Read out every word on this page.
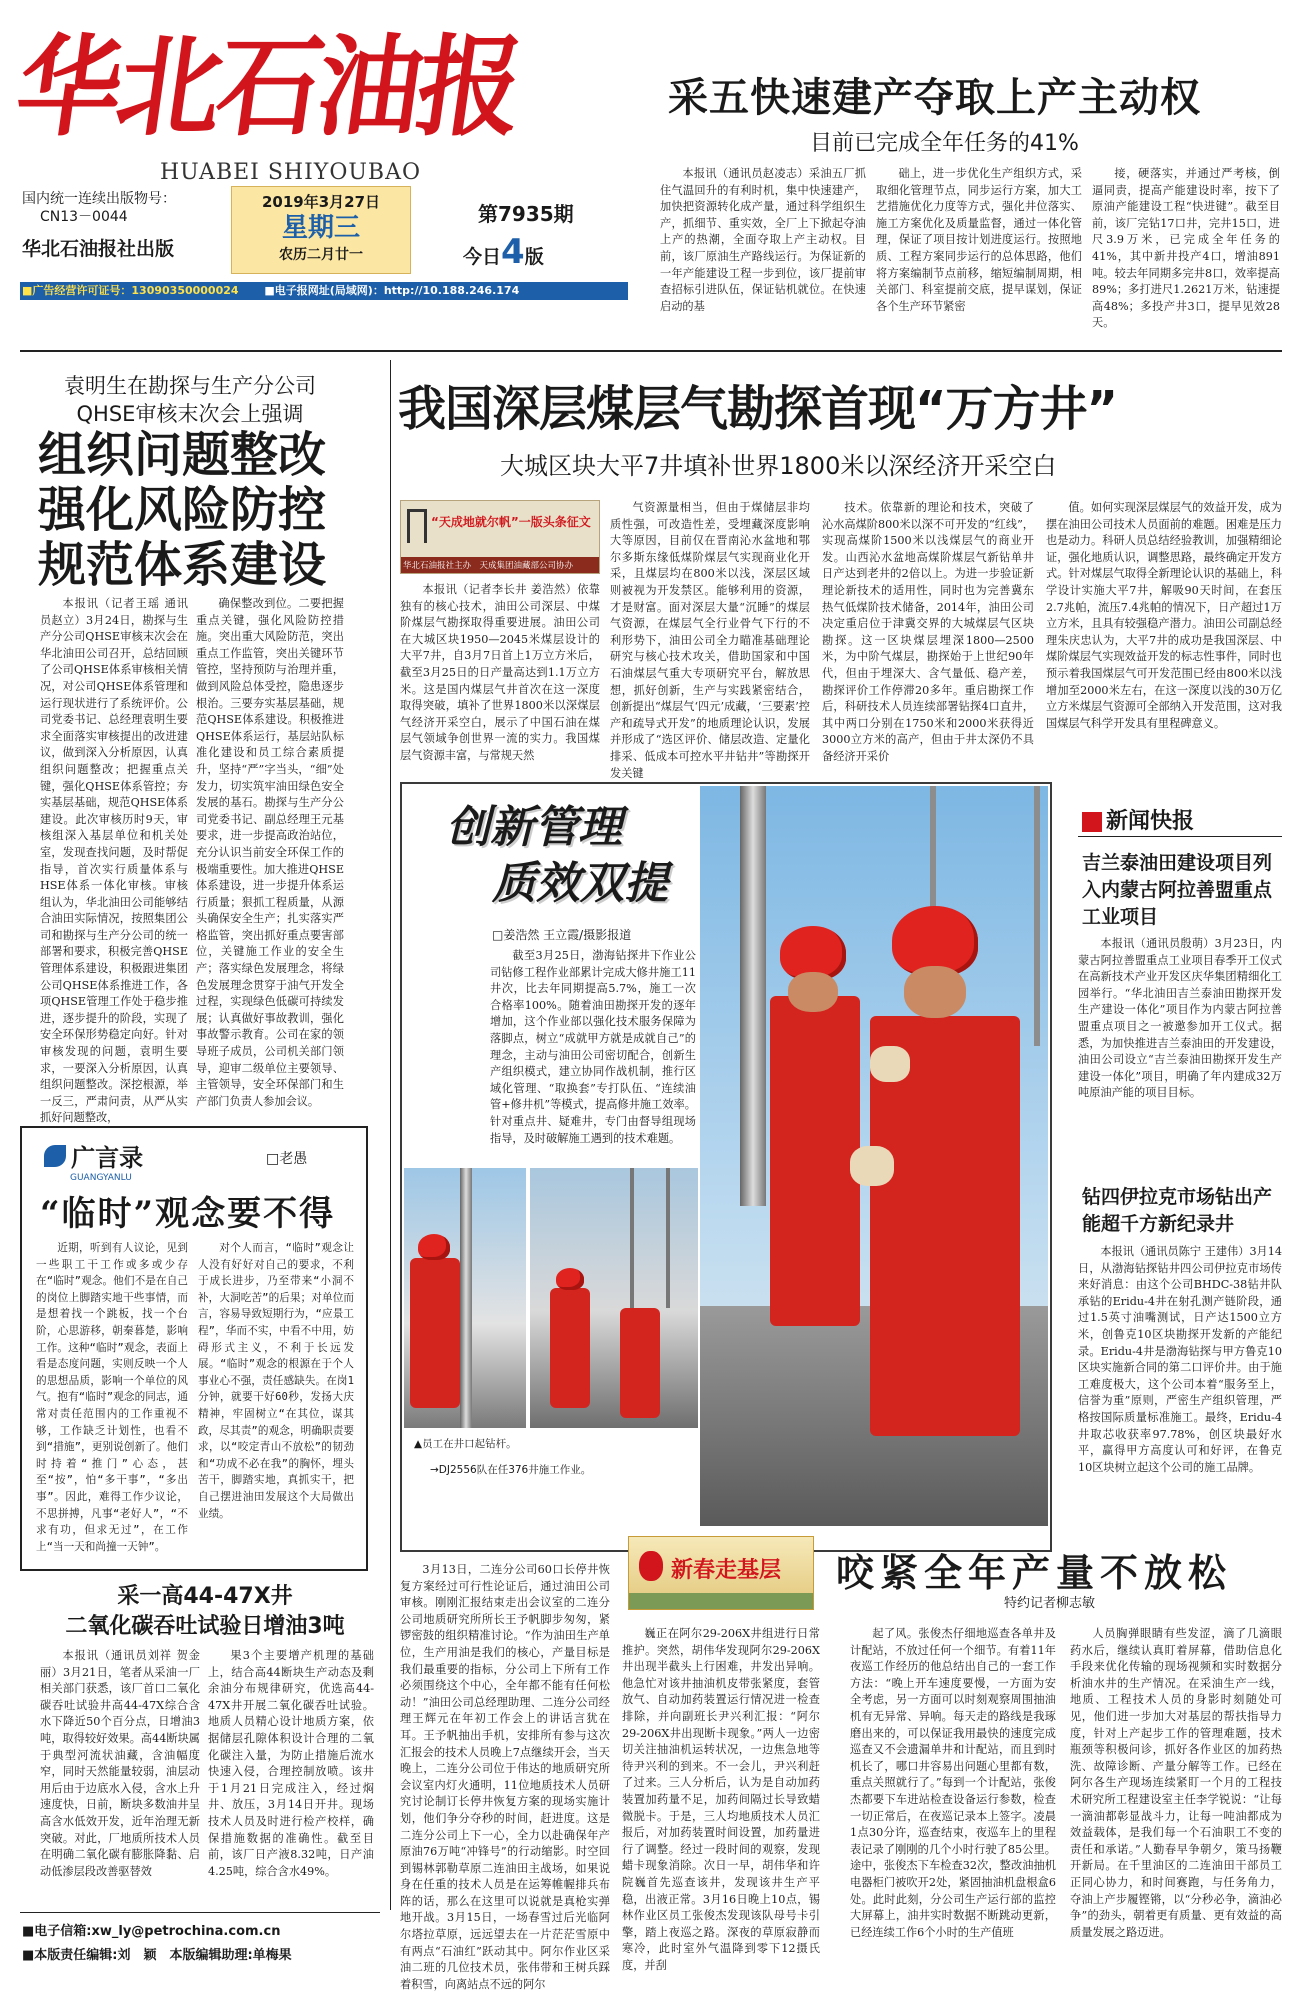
华北石油报
HUABEI SHIYOUBAO
国内统一连续出版物号：
CN13－0044
华北石油报社出版
2019年3月27日
星期三
农历二月廿一
第7935期
今日4版
■广告经营许可证号：13090350000024 ■电子报网址(局域网)：http://10.188.246.174
采五快速建产夺取上产主动权
目前已完成全年任务的41%
本报讯（通讯员赵凌志）采油五厂抓住气温回升的有利时机，集中快速建产，加快把资源转化成产量，通过科学组织生产，抓细节、重实效，全厂上下掀起夺油上产的热潮，全面夺取上产主动权。目前，该厂原油生产路线运行。为保证新的一年产能建设工程一步到位，该厂提前审查招标引进队伍，保证钻机就位。在快速启动的基
础上，进一步优化生产组织方式，采取细化管理节点，同步运行方案，加大工艺措施优化力度等方式，强化井位落实、施工方案优化及质量监督，通过一体化管理，保证了项目按计划进度运行。按照地质、工程方案同步运行的总体思路，他们将方案编制节点前移，缩短编制周期，相关部门、科室提前交底，提早谋划，保证各个生产环节紧密
接，硬落实，并通过严考核，倒逼同责，提高产能建设时率，按下了原油产能建设工程“快进键”。截至目前，该厂完钻17口井，完井15口，进尺3.9万米，已完成全年任务的41%，其中新井投产4口，增油891吨。较去年同期多完井8口，效率提高89%；多打进尺1.2621万米，钻速提高48%；多投产井3口，提早见效28天。
袁明生在勘探与生产分公司
QHSE审核末次会上强调
组织问题整改
强化风险防控
规范体系建设
本报讯（记者王瑶 通讯员赵立）3月24日，勘探与生产分公司QHSE审核末次会在华北油田公司召开，总结回顾了公司QHSE体系审核相关情况，对公司QHSE体系管理和运行现状进行了系统评价。公司党委书记、总经理袁明生要求全面落实审核提出的改进建议，做到深入分析原因，认真组织问题整改；把握重点关键，强化QHSE体系管控；夯实基层基础，规范QHSE体系建设。此次审核历时9天，审核组深入基层单位和机关处室，发现查找问题，及时帮促指导，首次实行质量体系与HSE体系一体化审核。审核组认为，华北油田公司能够结合油田实际情况，按照集团公司和勘探与生产分公司的统一部署和要求，积极完善QHSE管理体系建设，积极跟进集团公司QHSE体系推进工作，各项QHSE管理工作处于稳步推进，逐步提升的阶段，实现了安全环保形势稳定向好。针对审核发现的问题，袁明生要求，一要深入分析原因，认真组织问题整改。深挖根源，举一反三，严肃问责，从严从实抓好问题整改，
确保整改到位。二要把握重点关键，强化风险防控措施。突出重大风险防范，突出重点工作监管，突出关键环节管控，坚持预防与治理并重，做到风险总体受控，隐患逐步根治。三要夯实基层基础，规范QHSE体系建设。积极推进QHSE体系运行，基层站队标准化建设和员工综合素质提升，坚持“严”字当头，“细”处发力，切实筑牢油田绿色安全发展的基石。勘探与生产分公司党委书记、副总经理王元基要求，进一步提高政治站位，充分认识当前安全环保工作的极端重要性。加大推进QHSE体系建设，进一步提升体系运行质量；狠抓工程质量，从源头确保安全生产；扎实落实严格监管，突出抓好重点要害部位，关键施工作业的安全生产；落实绿色发展理念，将绿色发展理念贯穿于油气开发全过程，实现绿色低碳可持续发展；认真做好事故教训，强化事故警示教育。公司在家的领导班子成员，公司机关部门领导，迎审二级单位主要领导、主管领导，安全环保部门和生产部门负责人参加会议。
广言录
GUANGYANLU
□老愚
“临时”观念要不得
近期，听到有人议论，见到一些职工干工作或多或少存在“临时”观念。他们不是在自己的岗位上脚踏实地干些事情，而是想着找一个跳板，找一个台阶，心思游移，朝秦暮楚，影响工作。这种“临时”观念，表面上看是态度问题，实则反映一个人的思想品质，影响一个单位的风气。抱有“临时”观念的同志，通常对责任范围内的工作重视不够，工作缺乏计划性，也看不到“措施”，更别说创新了。他们时持着“推门”心态，甚至“按”，怕“多干事”，“多出事”。因此，难得工作少议论，不思拼搏，凡事“老好人”，“不求有功，但求无过”，在工作上“当一天和尚撞一天钟”。
对个人而言，“临时”观念让人没有好好对自己的要求，不利于成长进步，乃至带来“小洞不补，大洞吃苦”的后果；对单位而言，容易导致短期行为，“应景工程”，华而不实，中看不中用，妨碍形式主义，不利于长远发展。“临时”观念的根源在于个人事业心不强，责任感缺失。在岗1分钟，就要干好60秒，发扬大庆精神，牢固树立“在其位，谋其政，尽其责”的观念，明确职责要求，以“咬定青山不放松”的韧劲和“功成不必在我”的胸怀，埋头苦干，脚踏实地，真抓实干，把自己摆进油田发展这个大局做出业绩。
采一高44-47X井
二氧化碳吞吐试验日增油3吨
本报讯（通讯员刘祥 贺金丽）3月21日，笔者从采油一厂相关部门获悉，该厂首口二氧化碳吞吐试验井高44-47X综合含水下降近50个百分点，日增油3吨，取得较好效果。高44断块属于典型河流状油藏，含油幅度窄，同时天然能量较弱，油层动用后由于边底水入侵，含水上升速度快，日前，断块多数油井呈高含水低效开发，近年治理无新突破。对此，厂地质所技术人员在明确二氧化碳有膨胀降黏、启动低渗层段改善驱替效
果3个主要增产机理的基础上，结合高44断块生产动态及剩余油分布规律研究，优选高44-47X井开展二氧化碳吞吐试验。地质人员精心设计地质方案，依据储层孔隙体积设计合理的二氧化碳注入量，为防止措施后流水快速入侵，合理控制放喷。该井于1月21日完成注入，经过焖井、放压，3月14日开井。现场技术人员及时进行检产校样，确保措施数据的准确性。截至目前，该厂日产液8.32吨，日产油4.25吨，综合含水49%。
我国深层煤层气勘探首现“万方井”
大城区块大平7井填补世界1800米以深经济开采空白
“天成地就尔帆”一版头条征文
华北石油报社主办　天成集团油藏部公司协办
本报讯（记者李长井 姜浩然）依靠独有的核心技术，油田公司深层、中煤阶煤层气勘探取得重要进展。油田公司在大城区块1950—2045米煤层设计的大平7井，自3月7日首上1万立方米后，截至3月25日的日产量高达到1.1万立方米。这是国内煤层气井首次在这一深度取得突破，填补了世界1800米以深煤层气经济开采空白，展示了中国石油在煤层气领域争创世界一流的实力。我国煤层气资源丰富，与常规天然
气资源量相当，但由于煤储层非均质性强，可改造性差，受埋藏深度影响大等原因，目前仅在晋南沁水盆地和鄂尔多斯东缘低煤阶煤层气实现商业化开采，且煤层均在800米以浅，深层区域则被视为开发禁区。能够利用的资源，才是财富。面对深层大量“沉睡”的煤层气资源，在煤层气全行业骨气下行的不利形势下，油田公司全力瞄准基础理论研究与核心技术攻关，借助国家和中国石油煤层气重大专项研究平台，解放思想，抓好创新，生产与实践紧密结合，创新提出“煤层气‘四元’成藏，‘三要素’控产和疏导式开发”的地质理论认识，发展并形成了“选区评价、储层改造、定量化排采、低成本可控水平井钻井”等勘探开发关键
技术。依靠新的理论和技术，突破了沁水高煤阶800米以深不可开发的“红线”，实现高煤阶1500米以浅煤层气的商业开发。山西沁水盆地高煤阶煤层气新钻单井日产达到老井的2倍以上。为进一步验证新理论新技术的适用性，同时也为完善冀东热气低煤阶技术储备，2014年，油田公司决定重启位于津冀交界的大城煤层气区块勘探。这一区块煤层埋深1800—2500米，为中阶气煤层，勘探始于上世纪90年代，但由于埋深大、含气量低、稳产差，勘探评价工作停滞20多年。重启勘探工作后，科研技术人员连续部署钻探4口直井，其中两口分别在1750米和2000米获得近3000立方米的高产，但由于井太深仍不具备经济开采价
值。如何实现深层煤层气的效益开发，成为摆在油田公司技术人员面前的难题。困难是压力也是动力。科研人员总结经验教训，加强精细论证，强化地质认识，调整思路，最终确定开发方式。针对煤层气取得全新理论认识的基础上，科学设计实施大平7井，解吸90天时间，在套压2.7兆帕，流压7.4兆帕的情况下，日产超过1万立方米，且具有较强稳产潜力。油田公司副总经理朱庆忠认为，大平7井的成功是我国深层、中煤阶煤层气实现效益开发的标志性事件，同时也预示着我国煤层气可开发范围已经由800米以浅增加至2000米左右，在这一深度以浅的30万亿立方米煤层气资源可全部纳入开发范围，这对我国煤层气科学开发具有里程碑意义。
创新管理
质效双提
□姜浩然 王立霞/摄影报道
截至3月25日，渤海钻探井下作业公司钻修工程作业部累计完成大修井施工11井次，比去年同期提高5.7%，施工一次合格率100%。随着油田勘探开发的逐年增加，这个作业部以强化技术服务保障为落脚点，树立“成就甲方就是成就自己”的理念，主动与油田公司密切配合，创新生产组织模式，建立协同作战机制，推行区域化管理、“取换套”专打队伍、“连续油管+修井机”等模式，提高修井施工效率。针对重点井、疑难井，专门由督导组现场指导，及时破解施工遇到的技术难题。
▲员工在井口起钻杆。
→DJ2556队在任376井施工作业。
新闻快报
吉兰泰油田建设项目列入内蒙古阿拉善盟重点工业项目
本报讯（通讯员殷萌）3月23日，内蒙古阿拉善盟重点工业项目春季开工仪式在高新技术产业开发区庆华集团精细化工园举行。“华北油田吉兰泰油田勘探开发生产建设一体化”项目作为内蒙古阿拉善盟重点项目之一被邀参加开工仪式。据悉，为加快推进吉兰泰油田的开发建设，油田公司设立“吉兰泰油田勘探开发生产建设一体化”项目，明确了年内建成32万吨原油产能的项目目标。
钻四伊拉克市场钻出产能超千方新纪录井
本报讯（通讯员陈宁 王建伟）3月14日，从渤海钻探钻井四公司伊拉克市场传来好消息：由这个公司BHDC-38钻井队承钻的Eridu-4井在射孔测产链阶段，通过1.5英寸油嘴测试，日产达1500立方米，创鲁克10区块勘探开发新的产能纪录。Eridu-4井是渤海钻探与甲方鲁克10区块实施新合同的第二口评价井。由于施工难度极大，这个公司本着“服务至上，信誉为重”原则，严密生产组织管理，严格按国际质量标准施工。最终，Eridu-4井取芯收获率97.78%，创区块最好水平，赢得甲方高度认可和好评，在鲁克10区块树立起这个公司的施工品牌。
新春走基层 咬紧全年产量不放松
特约记者柳志敏
3月13日，二连分公司60口长停井恢复方案经过可行性论证后，通过油田公司审核。刚刚汇报结束走出会议室的二连分公司地质研究所所长王予帆脚步匆匆，紧锣密鼓的组织精准讨论。“作为油田生产单位，生产用油是我们的核心，产量目标是我们最重要的指标，分公司上下所有工作必须围绕这个中心，全年都不能有任何松动！”油田公司总经理助理、二连分公司经理王辉元在年初工作会上的讲话言犹在耳。王予帆抽出手机，安排所有参与这次汇报会的技术人员晚上7点继续开会，当天晚上，二连分公司位于伟达的地质研究所会议室内灯火通明，11位地质技术人员研究讨论制订长停井恢复方案的现场实施计划，他们争分夺秒的时间，赶进度。这是二连分公司上下一心，全力以赴确保年产原油76万吨“冲锋号”的行动缩影。时空回到锡林郭勒草原二连油田主战场，如果说身在任重的技术人员是在运筹帷幄排兵布阵的话，那么在这里可以说就是真枪实弹地开战。3月15日，一场春雪过后光临阿尔塔拉草原，远远望去在一片茫茫雪原中有两点“石油红”跃动其中。阿尔作业区采油二班的几位技术员，张伟带和王树兵踩着积雪，向离站点不远的阿尔
巍正在阿尔29-206X井组进行日常推护。突然，胡伟华发现阿尔29-206X井出现半截头上行困难，井发出异响。他急忙对该井抽油机皮带张紧度，套管放气、自动加药装置运行情况进一检查排除，并向副班长尹兴利汇报：“阿尔29-206X井出现断卡现象。”两人一边密切关注抽油机运转状况，一边焦急地等待尹兴利的到来。不一会儿，尹兴利赶了过来。三人分析后，认为是自动加药装置加药量不足，加药间隔过长导致蜡微脱卡。于是，三人均地质技术人员汇报后，对加药装置时间设置，加药量进行了调整。经过一段时间的观察，发现蜡卡现象消除。次日一早，胡伟华和许院巍首先巡查该井，发现该井生产平稳，出液正常。3月16日晚上10点，锡林作业区员工张俊杰发现该队母号卡引擎，踏上夜巡之路。深夜的草原寂静而寒冷，此时室外气温降到零下12摄氏度，并刮
起了风。张俊杰仔细地巡查各单井及计配站，不放过任何一个细节。有着11年夜巡工作经历的他总结出自己的一套工作方法：“晚上开车速度要慢，一方面为安全考虑，另一方面可以时刻观察周围抽油机有无异常、异响。每天走的路线是我琢磨出来的，可以保证我用最快的速度完成巡查又不会遗漏单井和计配站，而且到时机长了，哪口井容易出问题心里都有数，重点关照就行了。”每到一个计配站，张俊杰都要下车进站检查设备运行参数，检查一切正常后，在夜巡记录本上签字。凌晨1点30分许，巡查结束，夜巡车上的里程表记录了刚刚的几个小时行驶了85公里。途中，张俊杰下车检查32次，整改油抽机电器柜门被吹开2处，紧固抽油机盘根盒6处。此时此刻，分公司生产运行部的监控大屏幕上，油井实时数据不断跳动更新，已经连续工作6个小时的生产值班
人员胸弹眼睛有些发涩，滴了几滴眼药水后，继续认真盯着屏幕，借助信息化手段来优化传输的现场视频和实时数据分析油水井的生产情况。在采油生产一线，地质、工程技术人员的身影时刻随处可见，他们进一步加大对基层的帮扶指导力度，针对上产起步工作的管理难题，技术瓶颈等积极问诊，抓好各作业区的加药热洗、故障诊断、产量分解等工作。已经在阿尔各生产现场连续紧盯一个月的工程技术研究所工程建设室主任李学锐说：“让每一滴油都彰显战斗力，让每一吨油都成为效益载体，是我们每一个石油职工不变的责任和承诺。”人勤春早争朝夕，策马扬鞭开新局。在千里油区的二连油田干部员工正同心协力，和时间赛跑，与任务角力，夺油上产步履铿锵，以“分秒必争，滴油必争”的劲头，朝着更有质量、更有效益的高质量发展之路迈进。
■电子信箱:xw_ly@petrochina.com.cn
■本版责任编辑:刘　颖　本版编辑助理:单梅果
